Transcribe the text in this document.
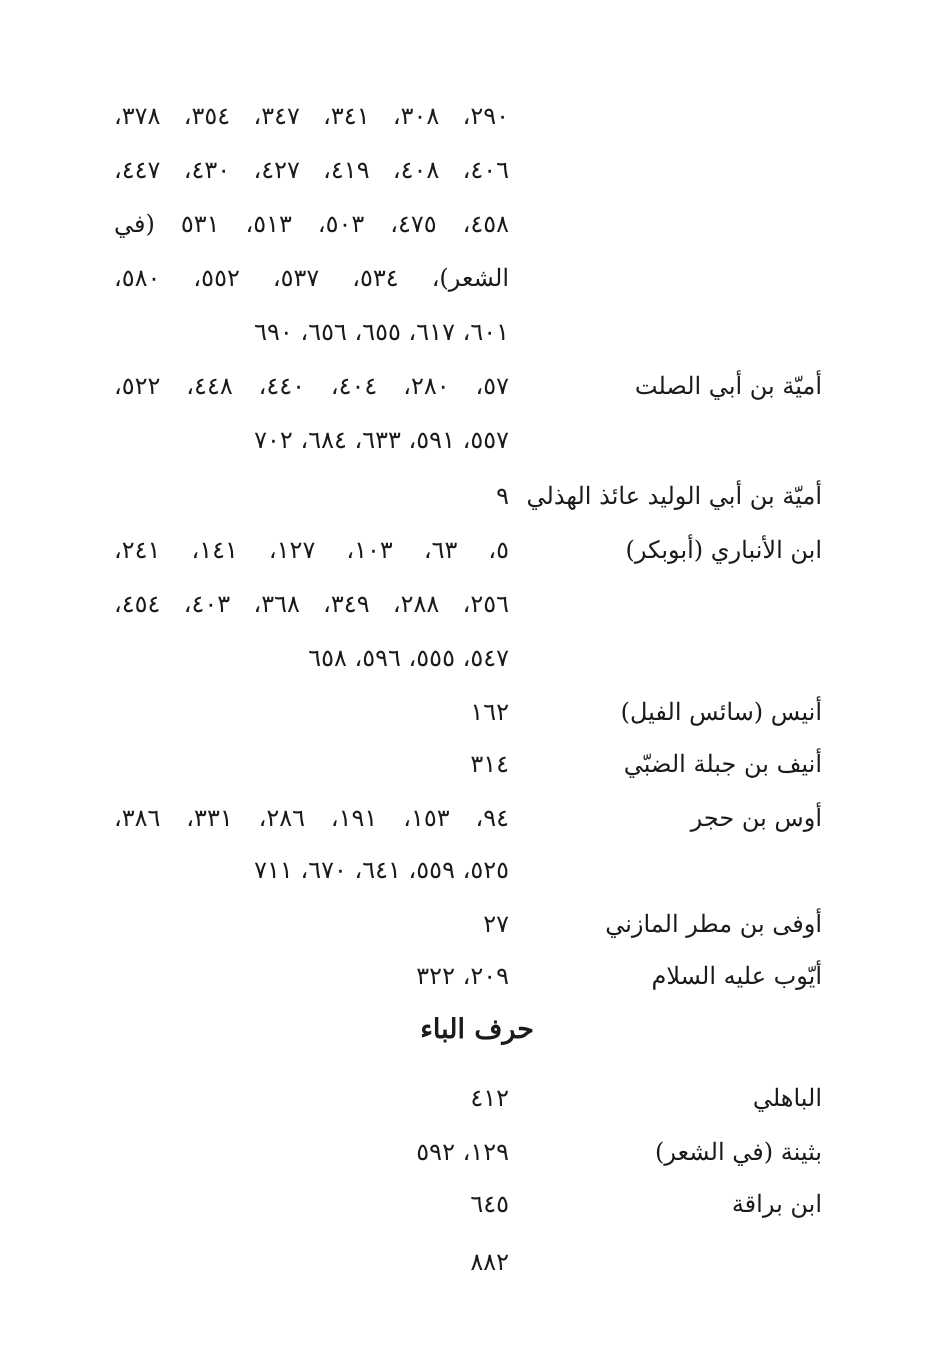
٢٩٠، ٣٠٨، ٣٤١، ٣٤٧، ٣٥٤، ٣٧٨،
٤٠٦، ٤٠٨، ٤١٩، ٤٢٧، ٤٣٠، ٤٤٧،
٤٥٨، ٤٧٥، ٥٠٣، ٥١٣، ٥٣١ (في
الشعر)، ٥٣٤، ٥٣٧، ٥٥٢، ٥٨٠،
٦٠١، ٦١٧، ٦٥٥، ٦٥٦، ٦٩٠
أميّة بن أبي الصلت
٥٧، ٢٨٠، ٤٠٤، ٤٤٠، ٤٤٨، ٥٢٢،
٥٥٧، ٥٩١، ٦٣٣، ٦٨٤، ٧٠٢
أميّة بن أبي الوليد عائذ الهذلي
٩
ابن الأنباري (أبوبكر)
٥، ٦٣، ١٠٣، ١٢٧، ١٤١، ٢٤١،
٢٥٦، ٢٨٨، ٣٤٩، ٣٦٨، ٤٠٣، ٤٥٤،
٥٤٧، ٥٥٥، ٥٩٦، ٦٥٨
أنيس (سائس الفيل)
١٦٢
أنيف بن جبلة الضبّي
٣١٤
أوس بن حجر
٩٤، ١٥٣، ١٩١، ٢٨٦، ٣٣١، ٣٨٦،
٥٢٥، ٥٥٩، ٦٤١، ٦٧٠، ٧١١
أوفى بن مطر المازني
٢٧
أيّوب عليه السلام
٢٠٩، ٣٢٢
حرف الباء
الباهلي
٤١٢
بثينة (في الشعر)
١٢٩، ٥٩٢
ابن براقة
٦٤٥
٨٨٢
